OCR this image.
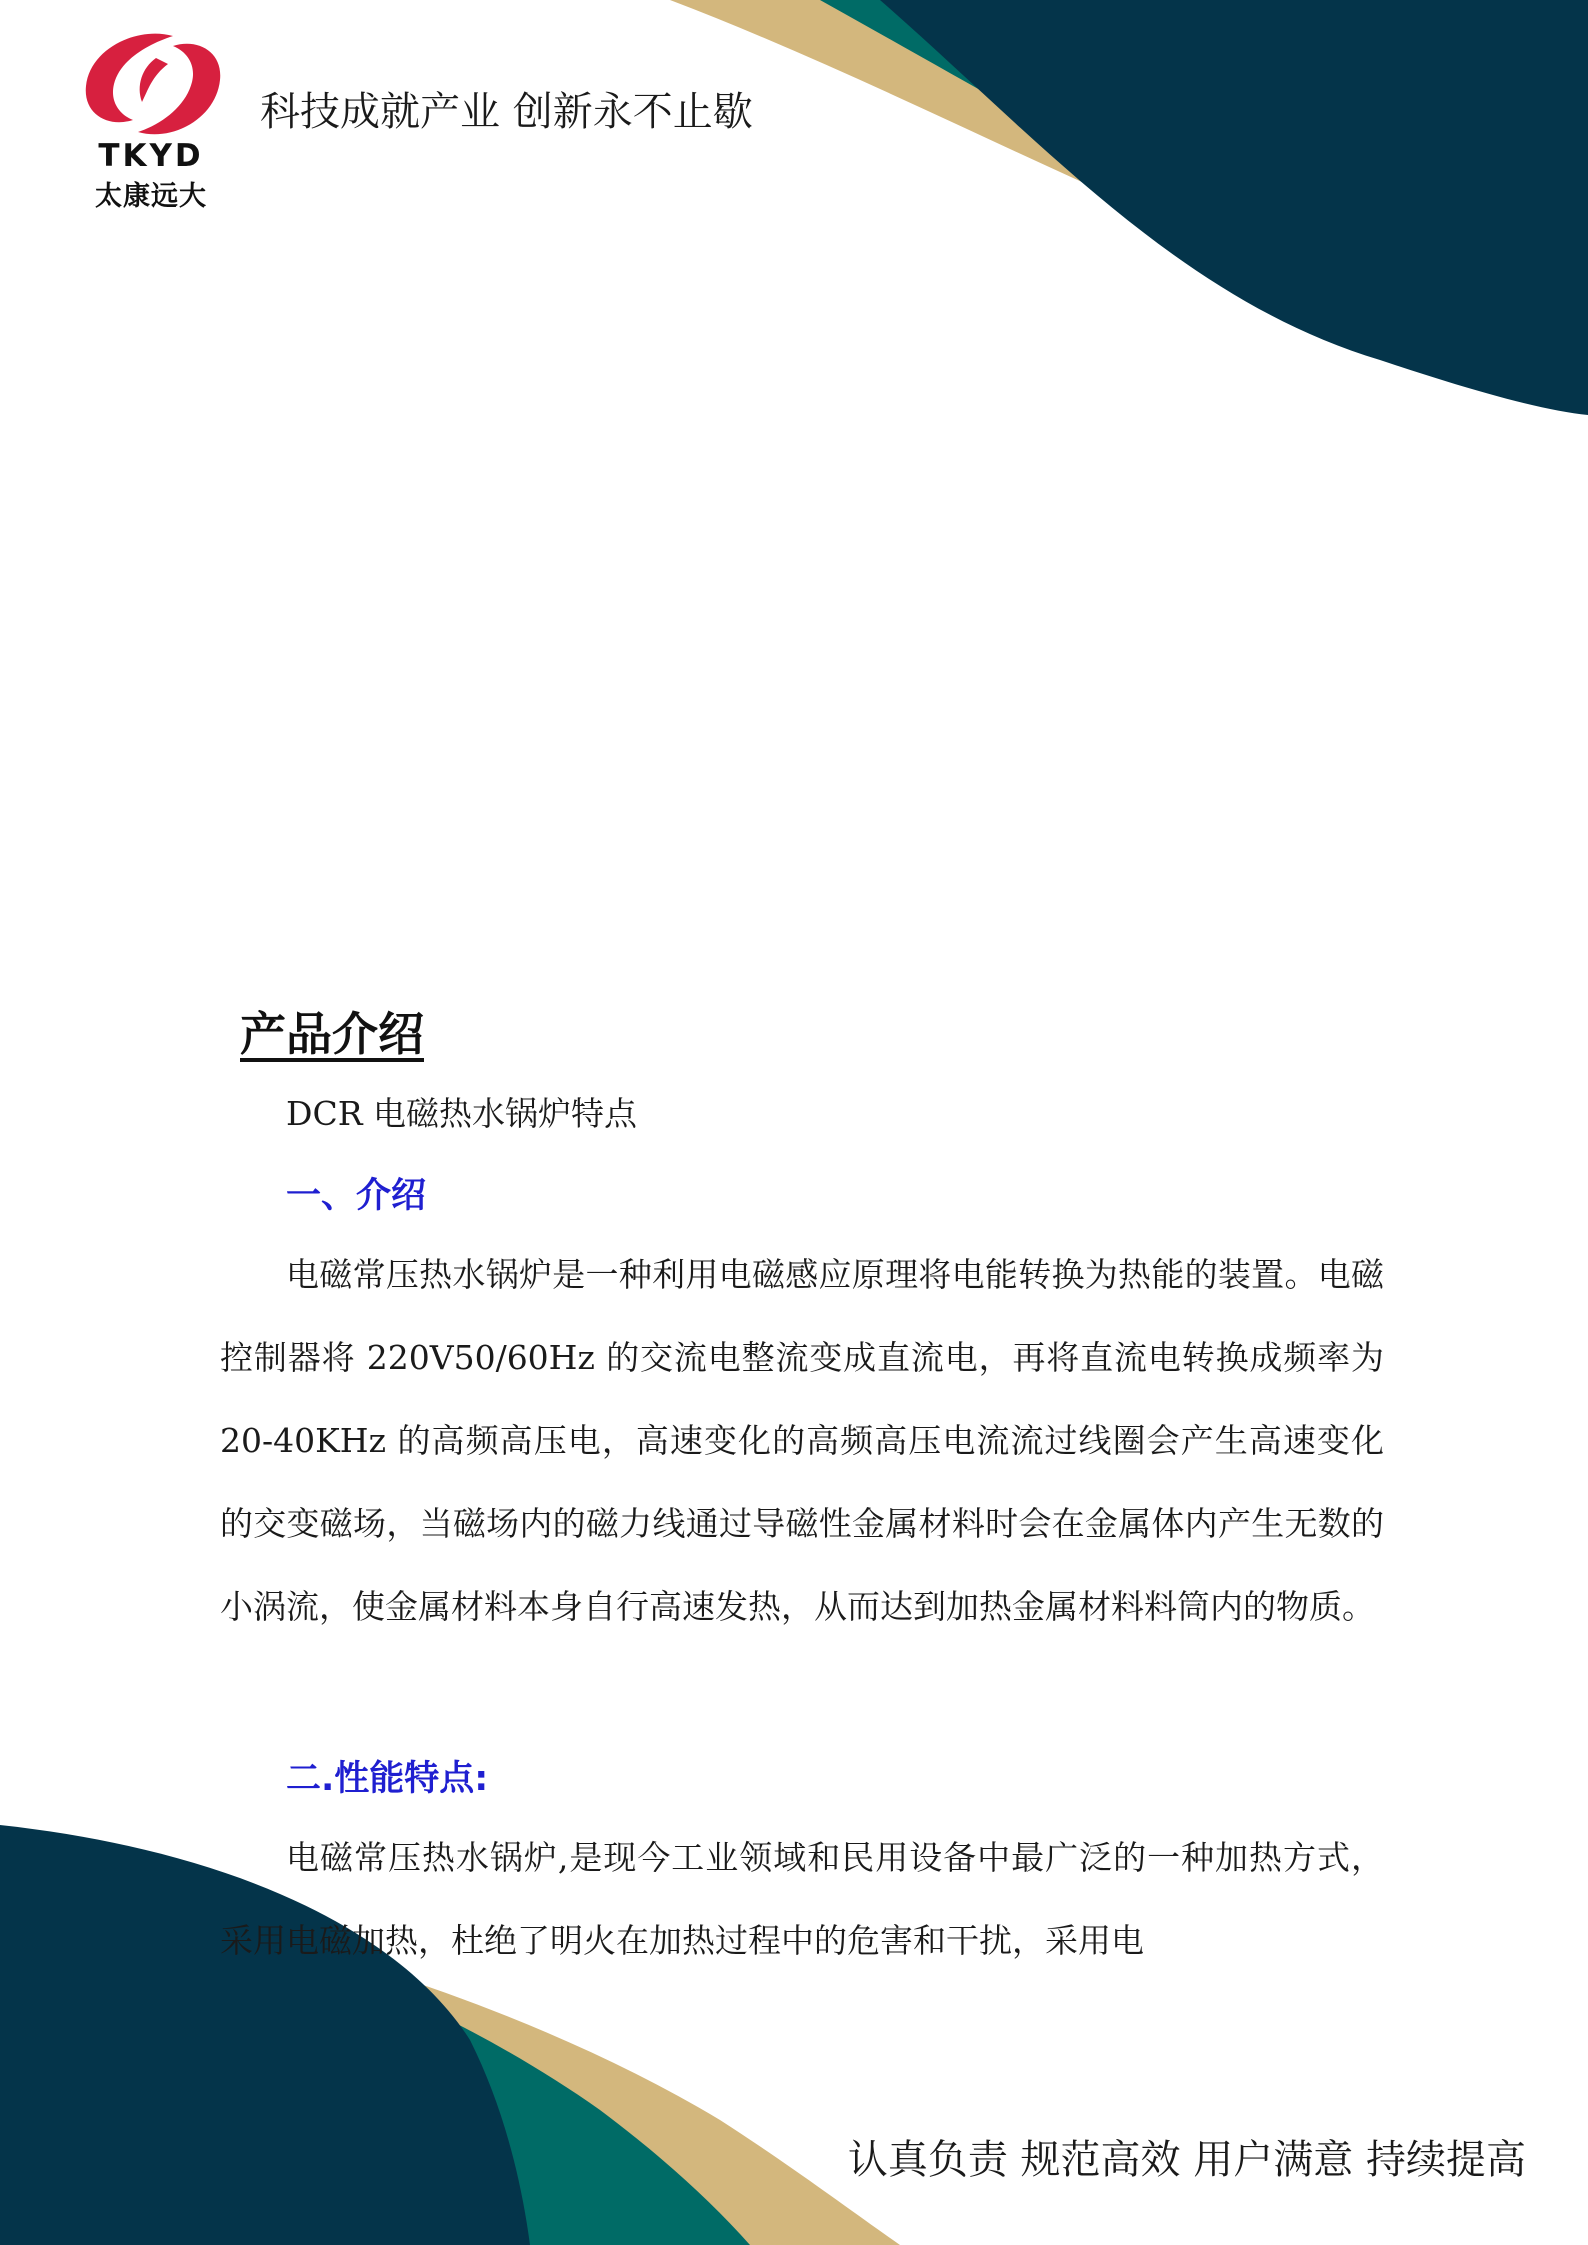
TKYD
太康远大
科技成就产业 创新永不止歇
产品介绍
DCR 电磁热水锅炉特点
一、介绍

电磁常压热水锅炉是一种利用电磁感应原理将电能转换为热能的装置。电磁控制器将 220V50/60Hz 的交流电整流变成直流电，再将直流电转换成频率为 20-40KHz 的高频高压电，高速变化的高频高压电流流过线圈会产生高速变化的交变磁场，当磁场内的磁力线通过导磁性金属材料时会在金属体内产生无数的小涡流，使金属材料本身自行高速发热，从而达到加热金属材料料筒内的物质。

二.性能特点:

电磁常压热水锅炉,是现今工业领域和民用设备中最广泛的一种加热方式，采用电磁加热，杜绝了明火在加热过程中的危害和干扰，采用电

认真负责 规范高效 用户满意 持续提高
